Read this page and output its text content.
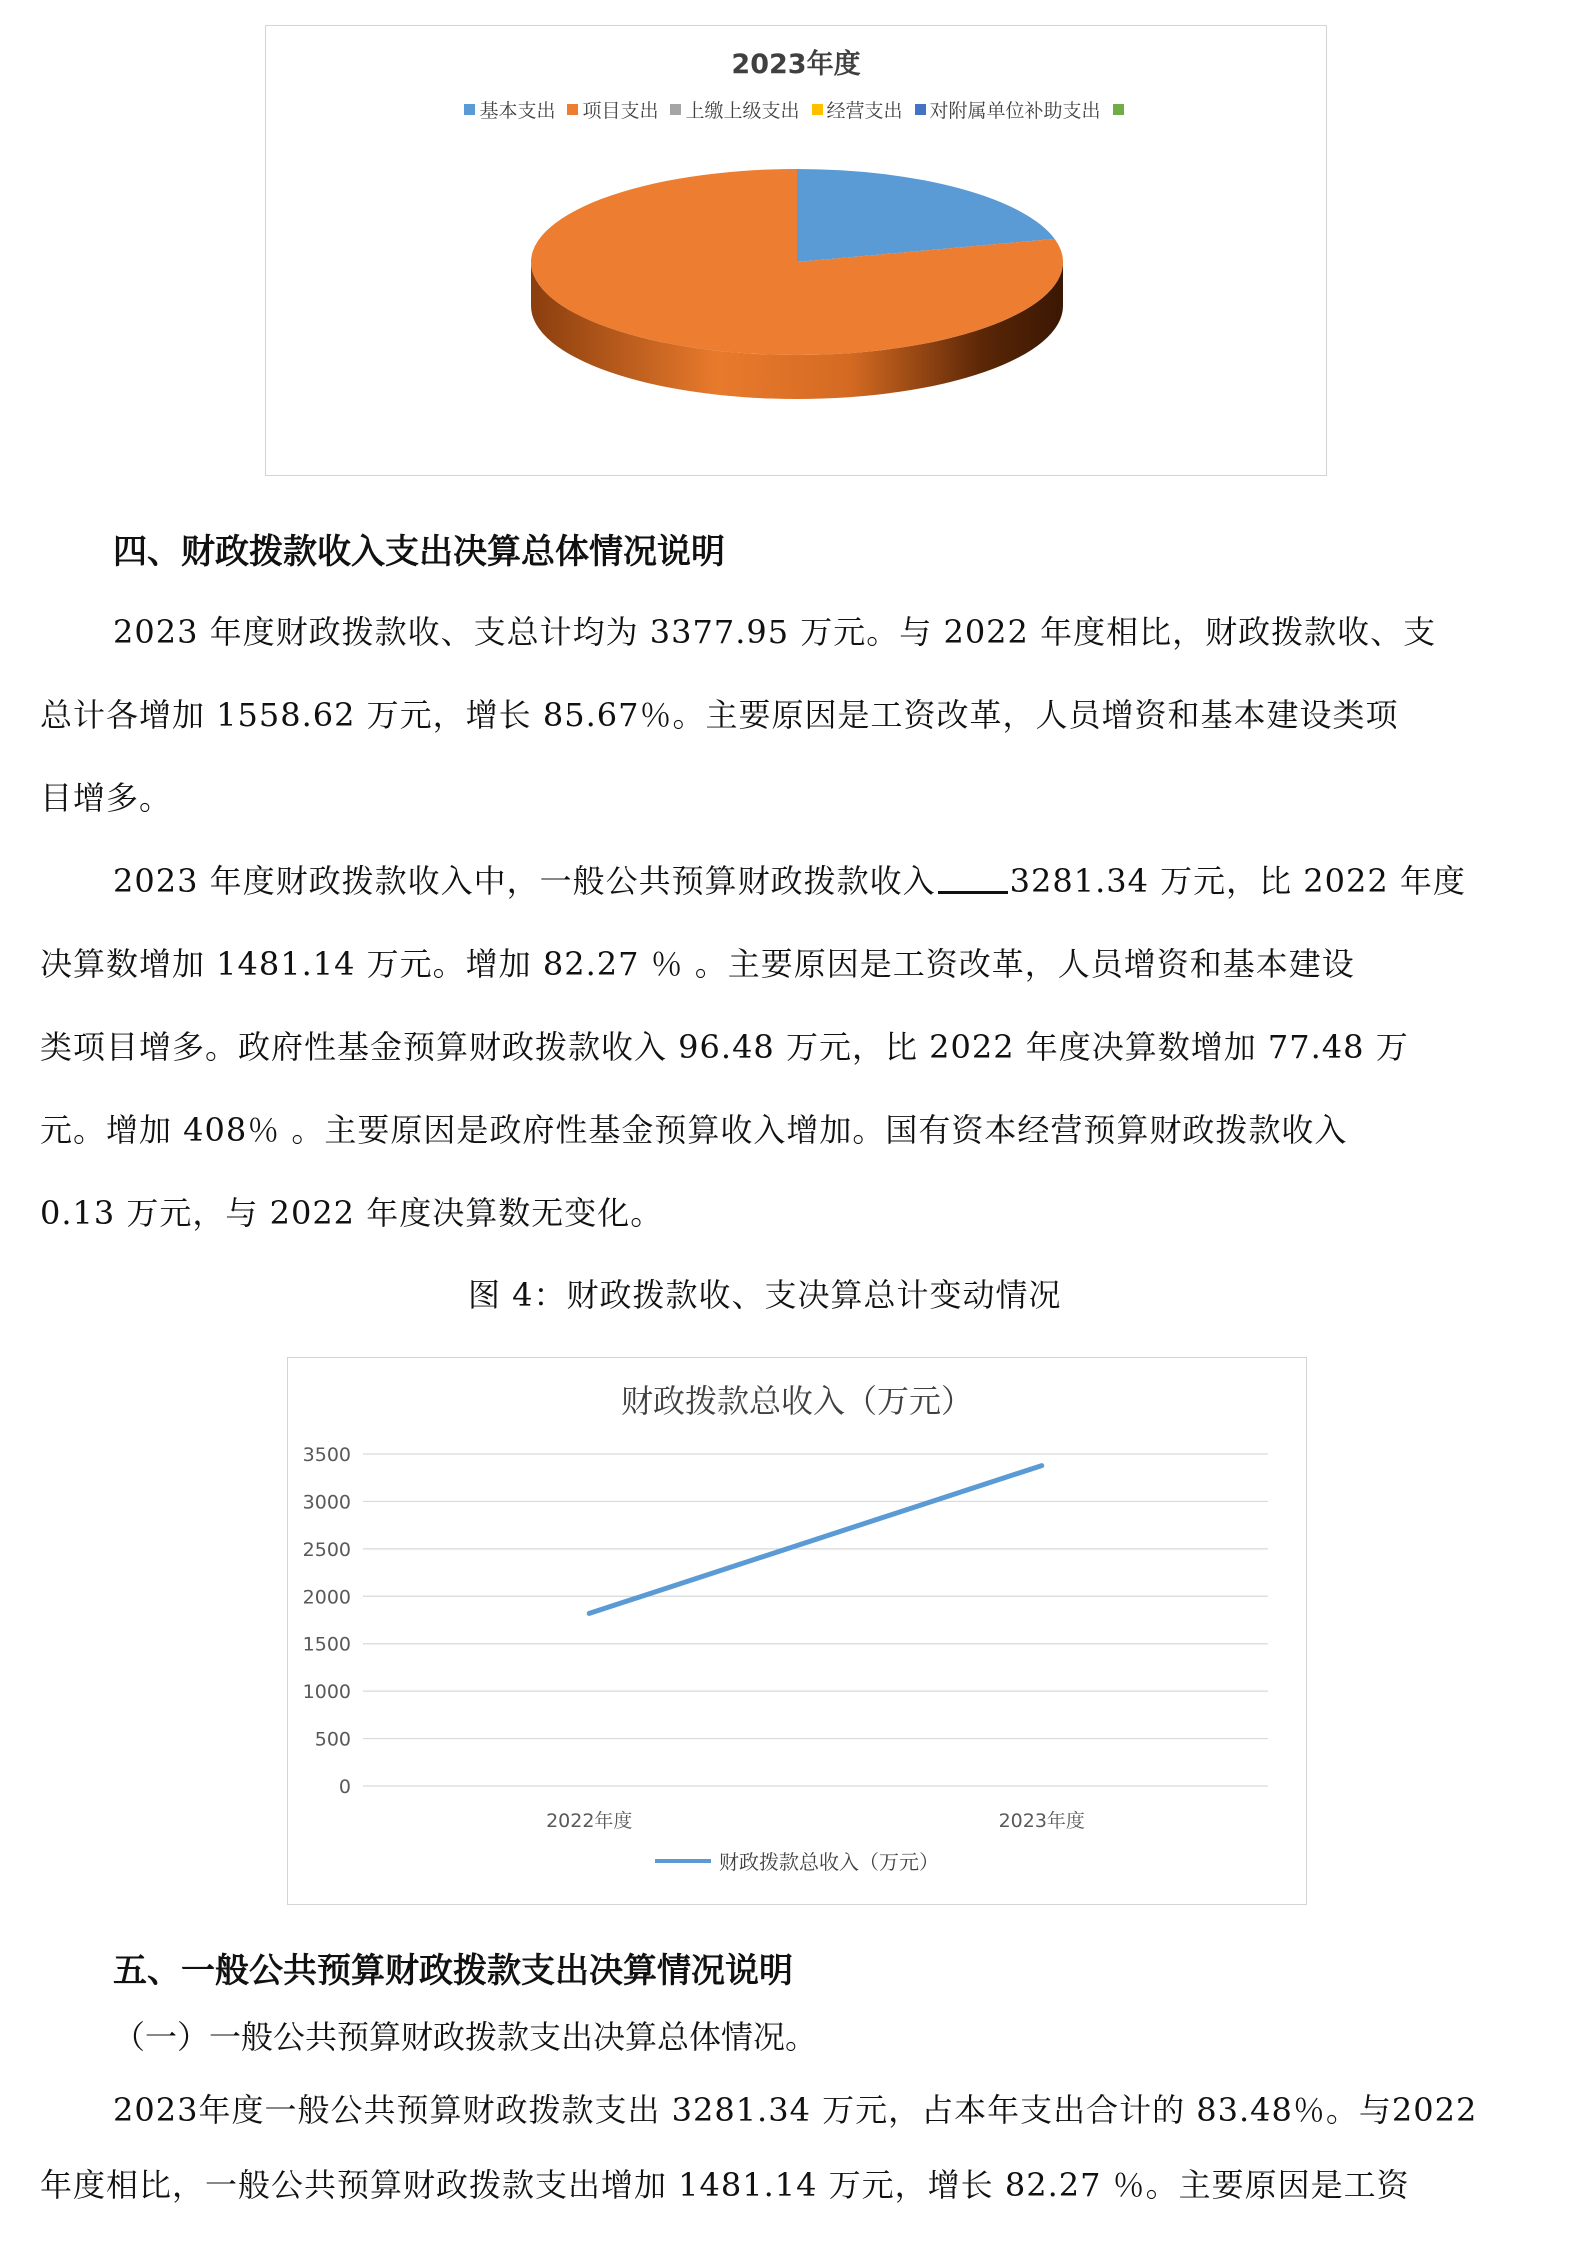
2023年度
基本支出 项目支出 上缴上级支出 经营支出 对附属单位补助支出
四、财政拨款收入支出决算总体情况说明
2023 年度财政拨款收、支总计均为 3377.95 万元。与 2022 年度相比，财政拨款收、支
总计各增加 1558.62 万元，增长 85.67％。主要原因是工资改革，人员增资和基本建设类项
目增多。
2023 年度财政拨款收入中，一般公共预算财政拨款收入 3281.34 万元，比 2022 年度
决算数增加 1481.14 万元。增加 82.27 ％ 。主要原因是工资改革，人员增资和基本建设
类项目增多。政府性基金预算财政拨款收入 96.48 万元，比 2022 年度决算数增加 77.48 万
元。增加 408％ 。主要原因是政府性基金预算收入增加。国有资本经营预算财政拨款收入
0.13 万元，与 2022 年度决算数无变化。
图 4：财政拨款收、支决算总计变动情况
财政拨款总收入（万元）
0
500
1000
1500
2000
2500
3000
3500
2022年度	2023年度
财政拨款总收入（万元）
五、一般公共预算财政拨款支出决算情况说明
（一）一般公共预算财政拨款支出决算总体情况。
2023年度一般公共预算财政拨款支出 3281.34 万元，占本年支出合计的 83.48％。与2022
年度相比，一般公共预算财政拨款支出增加 1481.14 万元，增长 82.27 ％。主要原因是工资
